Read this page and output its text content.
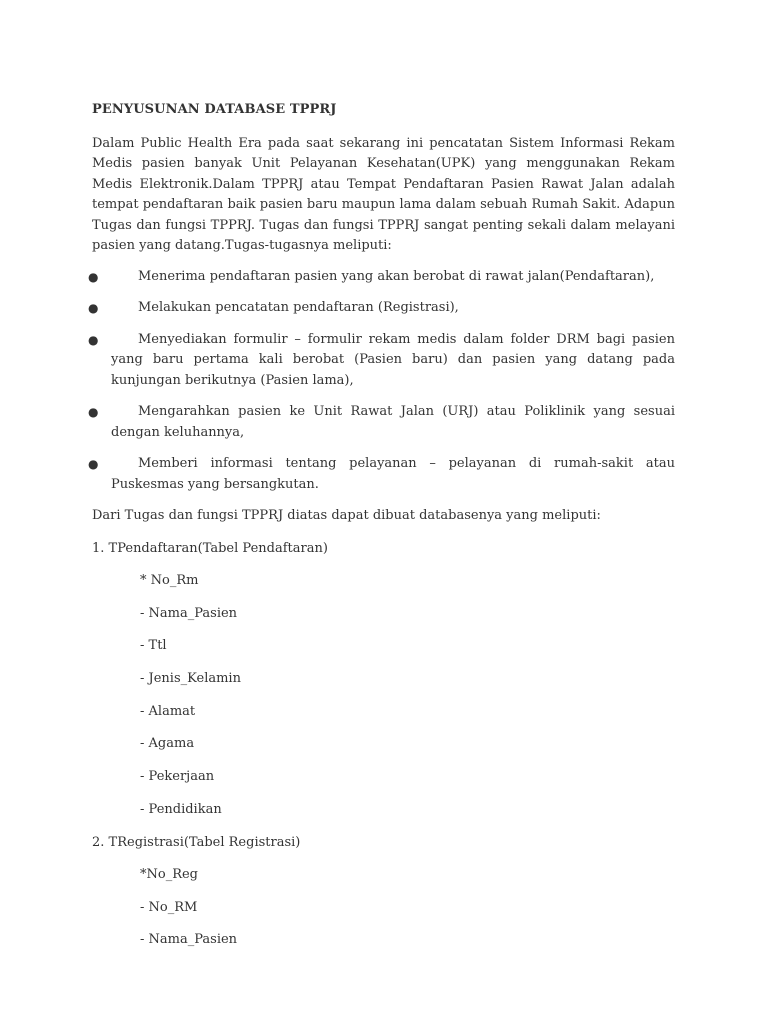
PENYUSUNAN DATABASE TPPRJ

Dalam Public Health Era pada saat sekarang ini pencatatan Sistem Informasi Rekam Medis pasien banyak Unit Pelayanan Kesehatan(UPK) yang menggunakan Rekam Medis Elektronik.Dalam TPPRJ atau Tempat Pendaftaran Pasien Rawat Jalan adalah tempat pendaftaran baik pasien baru maupun lama dalam sebuah Rumah Sakit. Adapun Tugas dan fungsi TPPRJ. Tugas dan fungsi TPPRJ sangat penting sekali dalam melayani pasien yang datang.Tugas-tugasnya meliputi:

●	Menerima pendaftaran pasien yang akan berobat di rawat jalan(Pendaftaran),
●	Melakukan pencatatan pendaftaran (Registrasi),
●	Menyediakan formulir – formulir rekam medis dalam folder DRM bagi pasien yang baru pertama kali berobat (Pasien baru) dan pasien yang datang pada kunjungan berikutnya (Pasien lama),
●	Mengarahkan pasien ke Unit Rawat Jalan (URJ) atau Poliklinik yang sesuai dengan keluhannya,
●	Memberi informasi tentang pelayanan – pelayanan di rumah-sakit atau Puskesmas yang bersangkutan.

Dari Tugas dan fungsi TPPRJ diatas dapat dibuat databasenya yang meliputi:

1. TPendaftaran(Tabel Pendaftaran)
* No_Rm
- Nama_Pasien
- Ttl
- Jenis_Kelamin
- Alamat
- Agama
- Pekerjaan
- Pendidikan
2. TRegistrasi(Tabel Registrasi)
*No_Reg
- No_RM
- Nama_Pasien
